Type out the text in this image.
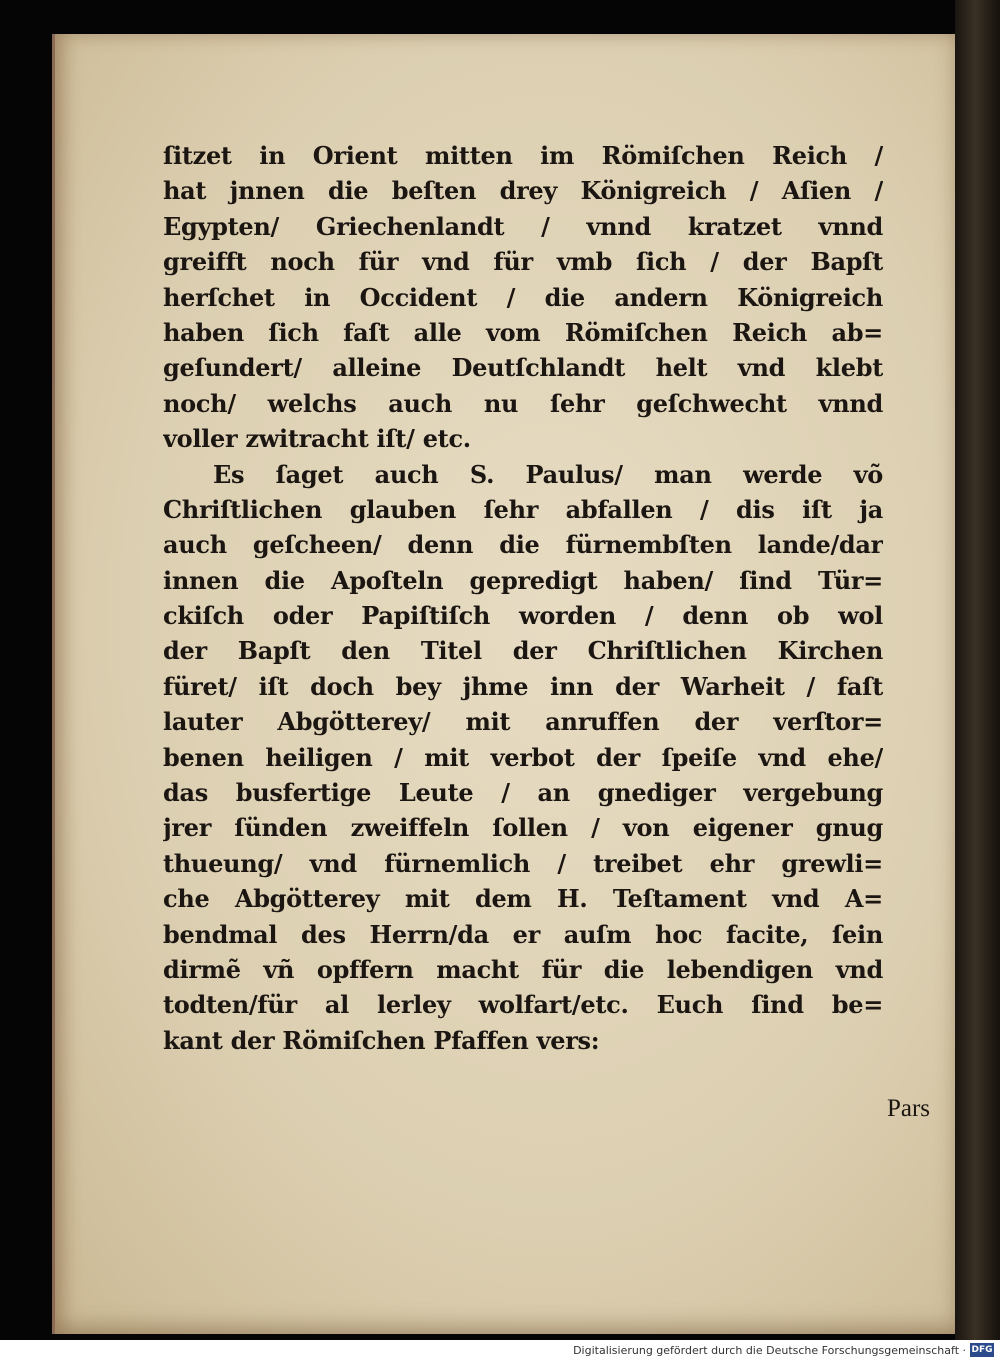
ſitzet in Orient mitten im Römiſchen Reich /
hat jnnen die beſten drey Königreich / Aſien /
Egypten/ Griechenlandt / vnnd kratzet vnnd
greifft noch für vnd für vmb ſich / der Bapſt
herſchet in Occident / die andern Königreich
haben ſich faſt alle vom Römiſchen Reich ab=
geſundert/ alleine Deutſchlandt helt vnd klebt
noch/ welchs auch nu ſehr geſchwecht vnnd
voller zwitracht iſt/ etc.
Es ſaget auch S. Paulus/ man werde võ
Chriſtlichen glauben ſehr abfallen / dis iſt ja
auch geſcheen/ denn die fürnembſten lande/dar
innen die Apoſteln gepredigt haben/ ſind Tür=
ckiſch oder Papiſtiſch worden / denn ob wol
der Bapſt den Titel der Chriſtlichen Kirchen
füret/ iſt doch bey jhme inn der Warheit / faſt
lauter Abgötterey/ mit anruffen der verſtor=
benen heiligen / mit verbot der ſpeiſe vnd ehe/
das busfertige Leute / an gnediger vergebung
jrer ſünden zweiffeln ſollen / von eigener gnug
thueung/ vnd fürnemlich / treibet ehr grewli=
che Abgötterey mit dem H. Teſtament vnd A=
bendmal des Herrn/da er auſm hoc facite, ſein
dirmẽ vñ opffern macht für die lebendigen vnd
todten/für al lerley wolfart/etc. Euch ſind be=
kant der Römiſchen Pfaffen vers:
Pars
Digitalisierung gefördert durch die Deutsche Forschungsgemeinschaft · DFG
